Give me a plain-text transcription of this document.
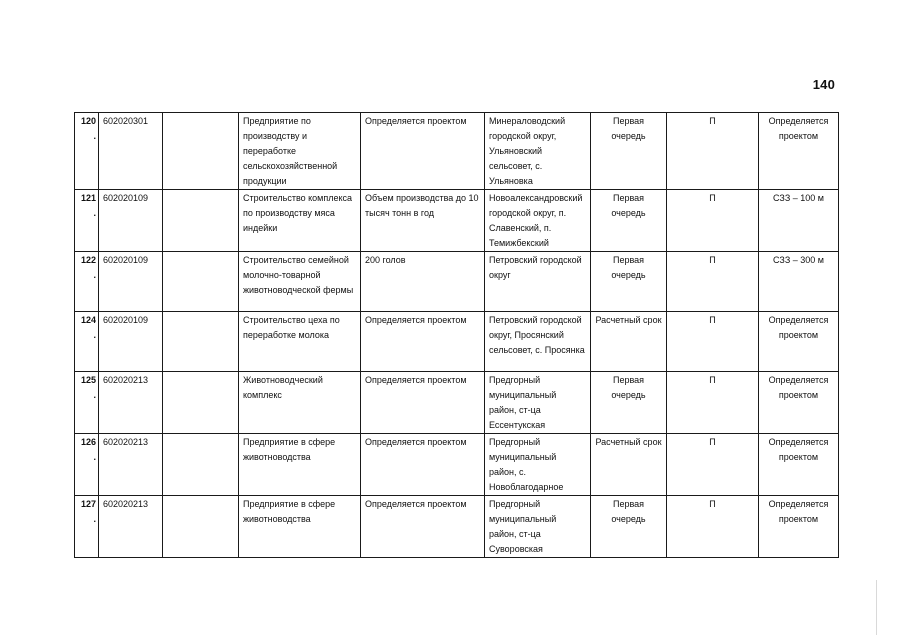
140
120.	602020301		Предприятие по производству и переработке сельскохозяйственной продукции	Определяется проектом	Минераловодский городской округ, Ульяновский сельсовет, с. Ульяновка	Первая очередь	П	Определяется проектом
121.	602020109		Строительство комплекса по производству мяса индейки	Объем производства до 10 тысяч тонн в год	Новоалександровский городской округ, п. Славенский, п. Темижбекский	Первая очередь	П	СЗЗ – 100 м
122.	602020109		Строительство семейной молочно-товарной животноводческой фермы	200 голов	Петровский городской округ	Первая очередь	П	СЗЗ – 300 м
124.	602020109		Строительство цеха по переработке молока	Определяется проектом	Петровский городской округ, Просянский сельсовет, с. Просянка	Расчетный срок	П	Определяется проектом
125.	602020213		Животноводческий комплекс	Определяется проектом	Предгорный муниципальный район, ст-ца Ессентукская	Первая очередь	П	Определяется проектом
126.	602020213		Предприятие в сфере животноводства	Определяется проектом	Предгорный муниципальный район, с. Новоблагодарное	Расчетный срок	П	Определяется проектом
127.	602020213		Предприятие в сфере животноводства	Определяется проектом	Предгорный муниципальный район, ст-ца Суворовская	Первая очередь	П	Определяется проектом
